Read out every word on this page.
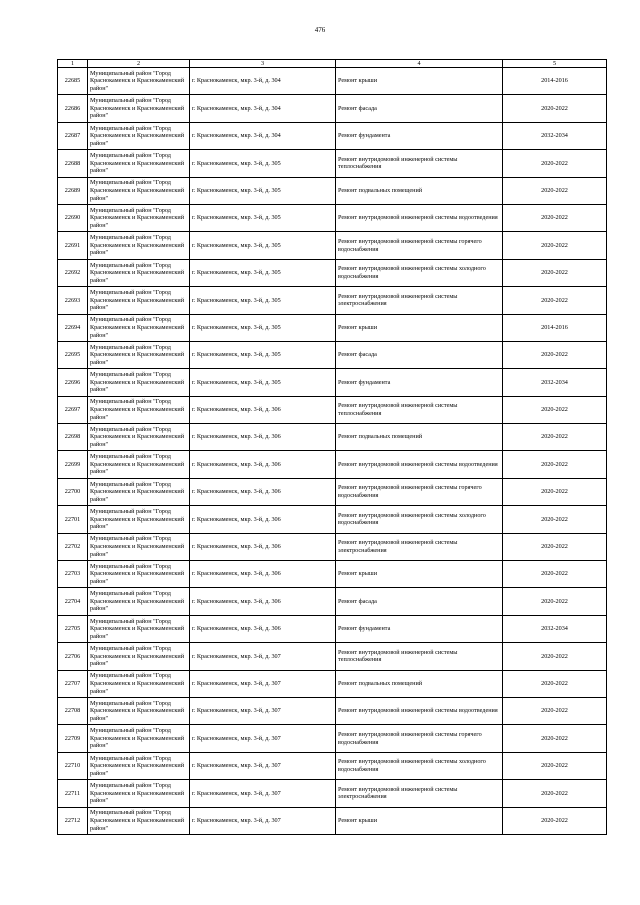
476
1	2	3	4	5
22685	Муниципальный район "Город Краснокаменск и Краснокаменский район"	г. Краснокаменск, мкр. 3-й, д. 304	Ремонт крыши	2014-2016
22686	Муниципальный район "Город Краснокаменск и Краснокаменский район"	г. Краснокаменск, мкр. 3-й, д. 304	Ремонт фасада	2020-2022
22687	Муниципальный район "Город Краснокаменск и Краснокаменский район"	г. Краснокаменск, мкр. 3-й, д. 304	Ремонт фундамента	2032-2034
22688	Муниципальный район "Город Краснокаменск и Краснокаменский район"	г. Краснокаменск, мкр. 3-й, д. 305	Ремонт внутридомовой инженерной системы теплоснабжения	2020-2022
22689	Муниципальный район "Город Краснокаменск и Краснокаменский район"	г. Краснокаменск, мкр. 3-й, д. 305	Ремонт подвальных помещений	2020-2022
22690	Муниципальный район "Город Краснокаменск и Краснокаменский район"	г. Краснокаменск, мкр. 3-й, д. 305	Ремонт внутридомовой инженерной системы водоотведения	2020-2022
22691	Муниципальный район "Город Краснокаменск и Краснокаменский район"	г. Краснокаменск, мкр. 3-й, д. 305	Ремонт внутридомовой инженерной системы горячего водоснабжения	2020-2022
22692	Муниципальный район "Город Краснокаменск и Краснокаменский район"	г. Краснокаменск, мкр. 3-й, д. 305	Ремонт внутридомовой инженерной системы холодного водоснабжения	2020-2022
22693	Муниципальный район "Город Краснокаменск и Краснокаменский район"	г. Краснокаменск, мкр. 3-й, д. 305	Ремонт внутридомовой инженерной системы электроснабжения	2020-2022
22694	Муниципальный район "Город Краснокаменск и Краснокаменский район"	г. Краснокаменск, мкр. 3-й, д. 305	Ремонт крыши	2014-2016
22695	Муниципальный район "Город Краснокаменск и Краснокаменский район"	г. Краснокаменск, мкр. 3-й, д. 305	Ремонт фасада	2020-2022
22696	Муниципальный район "Город Краснокаменск и Краснокаменский район"	г. Краснокаменск, мкр. 3-й, д. 305	Ремонт фундамента	2032-2034
22697	Муниципальный район "Город Краснокаменск и Краснокаменский район"	г. Краснокаменск, мкр. 3-й, д. 306	Ремонт внутридомовой инженерной системы теплоснабжения	2020-2022
22698	Муниципальный район "Город Краснокаменск и Краснокаменский район"	г. Краснокаменск, мкр. 3-й, д. 306	Ремонт подвальных помещений	2020-2022
22699	Муниципальный район "Город Краснокаменск и Краснокаменский район"	г. Краснокаменск, мкр. 3-й, д. 306	Ремонт внутридомовой инженерной системы водоотведения	2020-2022
22700	Муниципальный район "Город Краснокаменск и Краснокаменский район"	г. Краснокаменск, мкр. 3-й, д. 306	Ремонт внутридомовой инженерной системы горячего водоснабжения	2020-2022
22701	Муниципальный район "Город Краснокаменск и Краснокаменский район"	г. Краснокаменск, мкр. 3-й, д. 306	Ремонт внутридомовой инженерной системы холодного водоснабжения	2020-2022
22702	Муниципальный район "Город Краснокаменск и Краснокаменский район"	г. Краснокаменск, мкр. 3-й, д. 306	Ремонт внутридомовой инженерной системы электроснабжения	2020-2022
22703	Муниципальный район "Город Краснокаменск и Краснокаменский район"	г. Краснокаменск, мкр. 3-й, д. 306	Ремонт крыши	2020-2022
22704	Муниципальный район "Город Краснокаменск и Краснокаменский район"	г. Краснокаменск, мкр. 3-й, д. 306	Ремонт фасада	2020-2022
22705	Муниципальный район "Город Краснокаменск и Краснокаменский район"	г. Краснокаменск, мкр. 3-й, д. 306	Ремонт фундамента	2032-2034
22706	Муниципальный район "Город Краснокаменск и Краснокаменский район"	г. Краснокаменск, мкр. 3-й, д. 307	Ремонт внутридомовой инженерной системы теплоснабжения	2020-2022
22707	Муниципальный район "Город Краснокаменск и Краснокаменский район"	г. Краснокаменск, мкр. 3-й, д. 307	Ремонт подвальных помещений	2020-2022
22708	Муниципальный район "Город Краснокаменск и Краснокаменский район"	г. Краснокаменск, мкр. 3-й, д. 307	Ремонт внутридомовой инженерной системы водоотведения	2020-2022
22709	Муниципальный район "Город Краснокаменск и Краснокаменский район"	г. Краснокаменск, мкр. 3-й, д. 307	Ремонт внутридомовой инженерной системы горячего водоснабжения	2020-2022
22710	Муниципальный район "Город Краснокаменск и Краснокаменский район"	г. Краснокаменск, мкр. 3-й, д. 307	Ремонт внутридомовой инженерной системы холодного водоснабжения	2020-2022
22711	Муниципальный район "Город Краснокаменск и Краснокаменский район"	г. Краснокаменск, мкр. 3-й, д. 307	Ремонт внутридомовой инженерной системы электроснабжения	2020-2022
22712	Муниципальный район "Город Краснокаменск и Краснокаменский район"	г. Краснокаменск, мкр. 3-й, д. 307	Ремонт крыши	2020-2022
